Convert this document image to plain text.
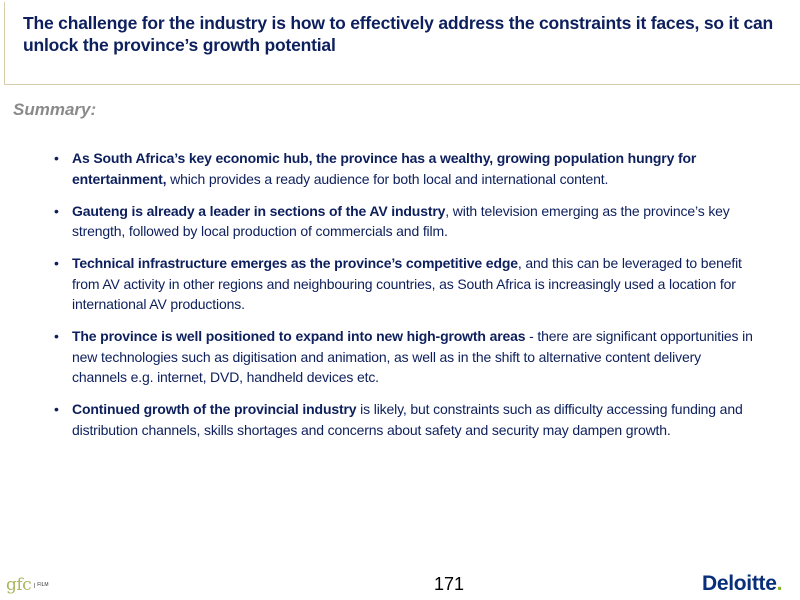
The challenge for the industry is how to effectively address the constraints it faces, so it can unlock the province’s growth potential
Summary:
• As South Africa’s key economic hub, the province has a wealthy, growing population hungry for entertainment, which provides a ready audience for both local and international content.
• Gauteng is already a leader in sections of the AV industry, with television emerging as the province’s key strength, followed by local production of commercials and film.
• Technical infrastructure emerges as the province’s competitive edge, and this can be leveraged to benefit from AV activity in other regions and neighbouring countries, as South Africa is increasingly used a location for international AV productions.
• The province is well positioned to expand into new high-growth areas - there are significant opportunities in new technologies such as digitisation and animation, as well as in the shift to alternative content delivery channels e.g. internet, DVD, handheld devices etc.
• Continued growth of the provincial industry is likely, but constraints such as difficulty accessing funding and distribution channels, skills shortages and concerns about safety and security may dampen growth.
gfc	FILM	171	Deloitte.
